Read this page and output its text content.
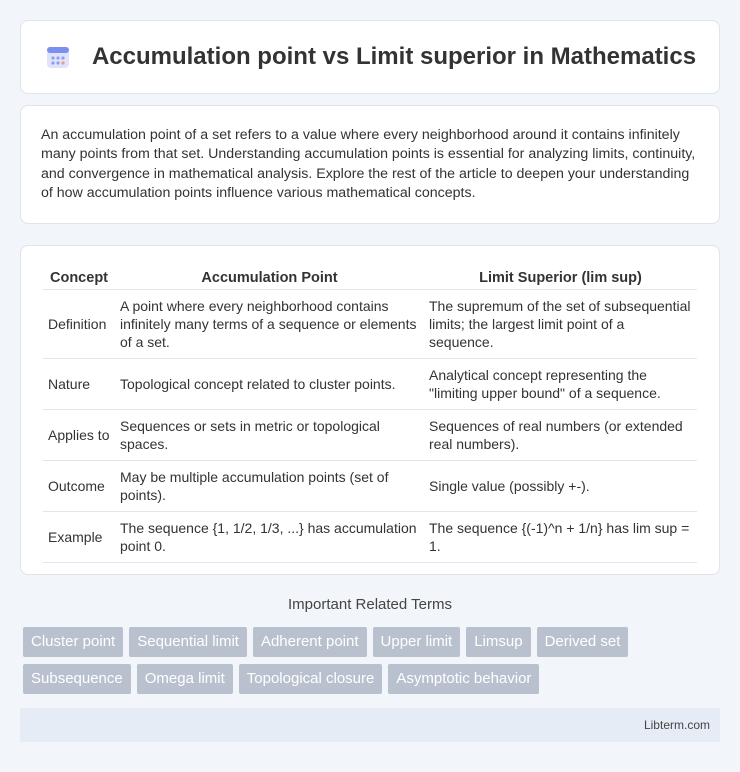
Accumulation point vs Limit superior in Mathematics

An accumulation point of a set refers to a value where every neighborhood around it contains infinitely many points from that set. Understanding accumulation points is essential for analyzing limits, continuity, and convergence in mathematical analysis. Explore the rest of the article to deepen your understanding of how accumulation points influence various mathematical concepts.

Concept	Accumulation Point	Limit Superior (lim sup)
Definition	A point where every neighborhood contains infinitely many terms of a sequence or elements of a set.	The supremum of the set of subsequential limits; the largest limit point of a sequence.
Nature	Topological concept related to cluster points.	Analytical concept representing the "limiting upper bound" of a sequence.
Applies to	Sequences or sets in metric or topological spaces.	Sequences of real numbers (or extended real numbers).
Outcome	May be multiple accumulation points (set of points).	Single value (possibly +-).
Example	The sequence {1, 1/2, 1/3, ...} has accumulation point 0.	The sequence {(-1)^n + 1/n} has lim sup = 1.
Important Related Terms
Cluster point	Sequential limit	Adherent point	Upper limit	Limsup	Derived set
Subsequence	Omega limit	Topological closure	Asymptotic behavior
Libterm.com
